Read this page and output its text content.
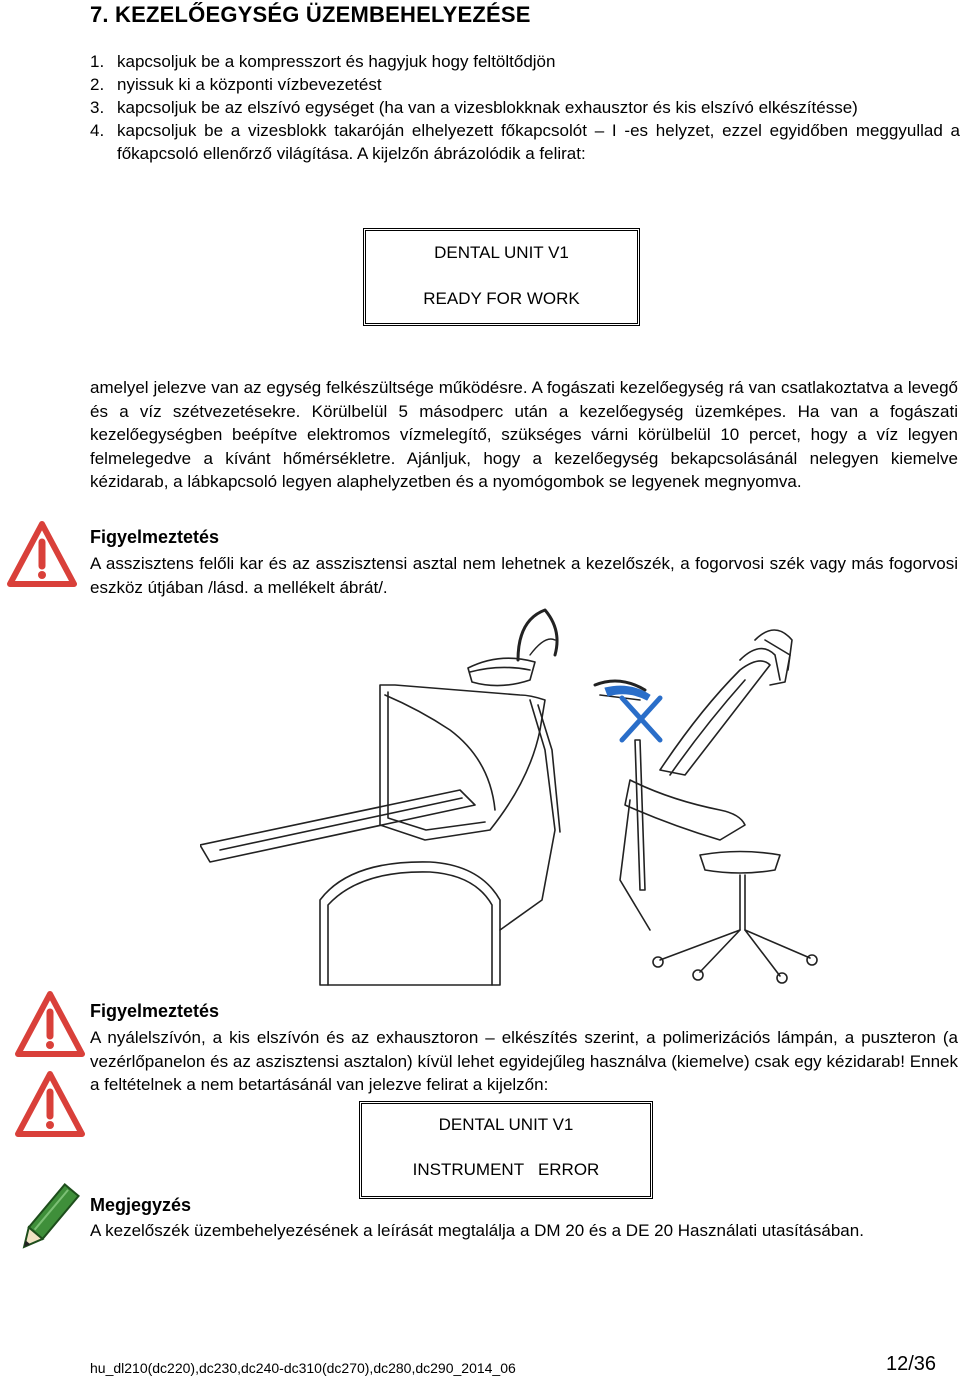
7. KEZELŐEGYSÉG ÜZEMBEHELYEZÉSE
1. kapcsoljuk be a kompresszort és hagyjuk hogy feltöltődjön
2. nyissuk ki a központi vízbevezetést
3. kapcsoljuk be az elszívó egységet (ha van a vizesblokknak exhausztor és kis elszívó elkészítésse)
4. kapcsoljuk be a vizesblokk takaróján elhelyezett főkapcsolót – I -es helyzet, ezzel egyidőben meggyullad a főkapcsoló ellenőrző világítása. A kijelzőn ábrázolódik a felirat:
DENTAL UNIT V1
READY FOR WORK

amelyel jelezve van az egység felkészültsége működésre. A fogászati kezelőegység rá van csatlakoztatva a levegő és a víz szétvezetésekre. Körülbelül 5 másodperc után a kezelőegység üzemképes. Ha van a fogászati kezelőegységben beépítve elektromos vízmelegítő, szükséges várni körülbelül 10 percet, hogy a víz legyen felmelegedve a kívánt hőmérsékletre. Ajánljuk, hogy a kezelőegység bekapcsolásánál nelegyen kiemelve kézidarab, a lábkapcsoló legyen alaphelyzetben és a nyomógombok se legyenek megnyomva.

Figyelmeztetés

A asszisztens felőli kar és az asszisztensi asztal nem lehetnek a kezelőszék, a fogorvosi szék vagy más fogorvosi eszköz útjában /lásd. a mellékelt ábrát/.

Figyelmeztetés

A nyálelszívón, a kis elszívón és az exhausztoron – elkészítés szerint, a polimerizációs lámpán, a puszteron (a vezérlőpanelon és az aszisztensi asztalon) kívül lehet egyidejűleg használva (kiemelve) csak egy kézidarab! Ennek a feltételnek a nem betartásánál van jelezve felirat a kijelzőn:

DENTAL UNIT V1
INSTRUMENT   ERROR
Megjegyzés

A kezelőszék üzembehelyezésének a leírását megtalálja a DM 20 és a DE 20 Használati utasításában.

hu_dl210(dc220),dc230,dc240-dc310(dc270),dc280,dc290_2014_06	12/36
